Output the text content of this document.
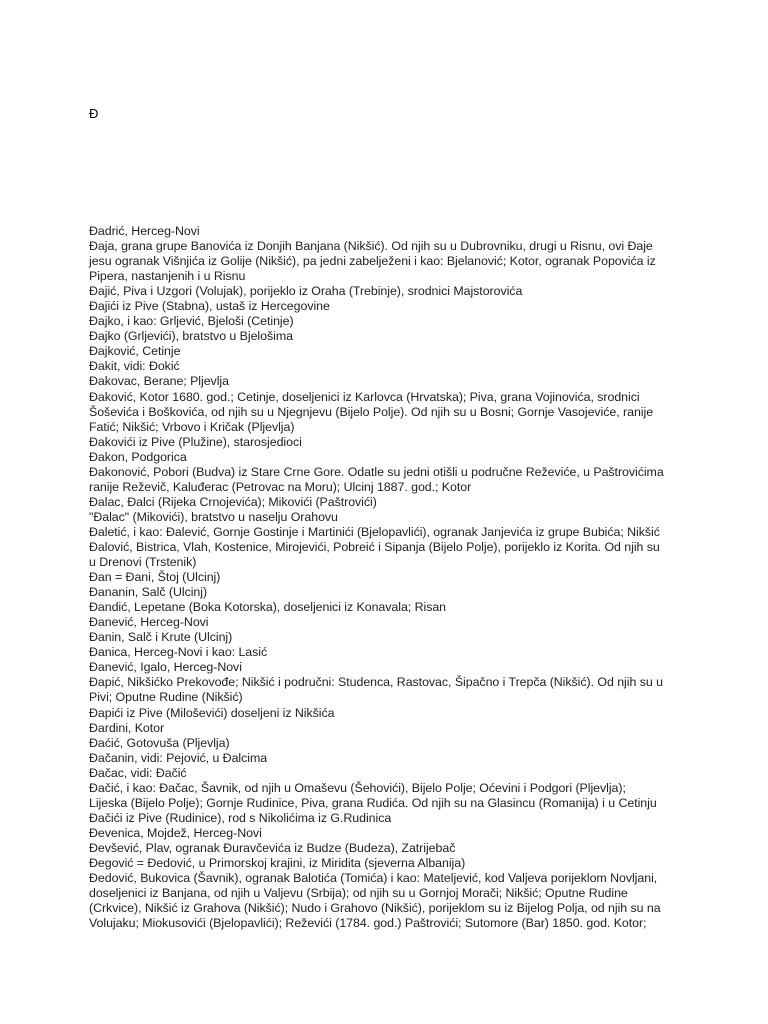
Đ
Đadrić, Herceg-Novi
Đaja, grana grupe Banovića iz Donjih Banjana (Nikšić). Od njih su u Dubrovniku, drugi u Risnu, ovi Đaje
jesu ogranak Višnjića iz Golije (Nikšić), pa jedni zabelježeni i kao: Bjelanović; Kotor, ogranak Popovića iz
Pipera, nastanjenih i u Risnu
Đajić, Piva i Uzgori (Volujak), porijeklo iz Oraha (Trebinje), srodnici Majstorovića
Đajići iz Pive (Stabna), ustaš iz Hercegovine
Đajko, i kao: Grljević, Bjeloši (Cetinje)
Đajko (Grljevići), bratstvo u Bjelošima
Đajković, Cetinje
Đakit, vidi: Đokić
Đakovac, Berane; Pljevlja
Đaković, Kotor 1680. god.; Cetinje, doseljenici iz Karlovca (Hrvatska); Piva, grana Vojinovića, srodnici
Šoševića i Boškovića, od njih su u Njegnjevu (Bijelo Polje). Od njih su u Bosni; Gornje Vasojeviće, ranije
Fatić; Nikšić; Vrbovo i Kričak (Pljevlja)
Đakovići iz Pive (Plužine), starosjedioci
Đakon, Podgorica
Đakonović, Pobori (Budva) iz Stare Crne Gore. Odatle su jedni otišli u područne Reževiće, u Paštrovićima
ranije Reževič, Kaluđerac (Petrovac na Moru); Ulcinj 1887. god.; Kotor
Đalac, Đalci (Rijeka Crnojevića); Mikovići (Paštrovići)
"Đalac" (Mikovići), bratstvo u naselju Orahovu
Đaletić, i kao: Đalević, Gornje Gostinje i Martinići (Bjelopavlići), ogranak Janjevića iz grupe Bubića; Nikšić
Đalović, Bistrica, Vlah, Kostenice, Mirojevići, Pobreić i Sipanja (Bijelo Polje), porijeklo iz Korita. Od njih su
u Drenovi (Trstenik)
Đan = Đani, Štoj (Ulcinj)
Đananin, Salč (Ulcinj)
Đandić, Lepetane (Boka Kotorska), doseljenici iz Konavala; Risan
Đanević, Herceg-Novi
Đanin, Salč i Krute (Ulcinj)
Đanica, Herceg-Novi i kao: Lasić
Đanević, Igalo, Herceg-Novi
Đapić, Nikšićko Prekovođe; Nikšić i područni: Studenca, Rastovac, Šipačno i Trepča (Nikšić). Od njih su u
Pivi; Oputne Rudine (Nikšić)
Đapići iz Pive (Miloševići) doseljeni iz Nikšića
Đardini, Kotor
Đaćić, Gotovuša (Pljevlja)
Đačanin, vidi: Pejović, u Đalcima
Đačac, vidi: Đačić
Đačić, i kao: Đačac, Šavnik, od njih u Omaševu (Šehovići), Bijelo Polje; Oćevini i Podgori (Pljevlja);
Lijeska (Bijelo Polje); Gornje Rudinice, Piva, grana Rudića. Od njih su na Glasincu (Romanija) i u Cetinju
Đačići iz Pive (Rudinice), rod s Nikolićima iz G.Rudinica
Đevenica, Mojdež, Herceg-Novi
Đevšević, Plav, ogranak Đuravčevića iz Budze (Budeza), Zatrijebač
Đegović = Đedović, u Primorskoj krajini, iz Miridita (sjeverna Albanija)
Đedović, Bukovica (Šavnik), ogranak Balotića (Tomića) i kao: Mateljević, kod Valjeva porijeklom Novljani,
doseljenici iz Banjana, od njih u Valjevu (Srbija); od njih su u Gornjoj Morači; Nikšić; Oputne Rudine
(Crkvice), Nikšić iz Grahova (Nikšić); Nudo i Grahovo (Nikšić), porijeklom su iz Bijelog Polja, od njih su na
Volujaku; Miokusovići (Bjelopavlići); Reževići (1784. god.) Paštrovići; Sutomore (Bar) 1850. god. Kotor;
